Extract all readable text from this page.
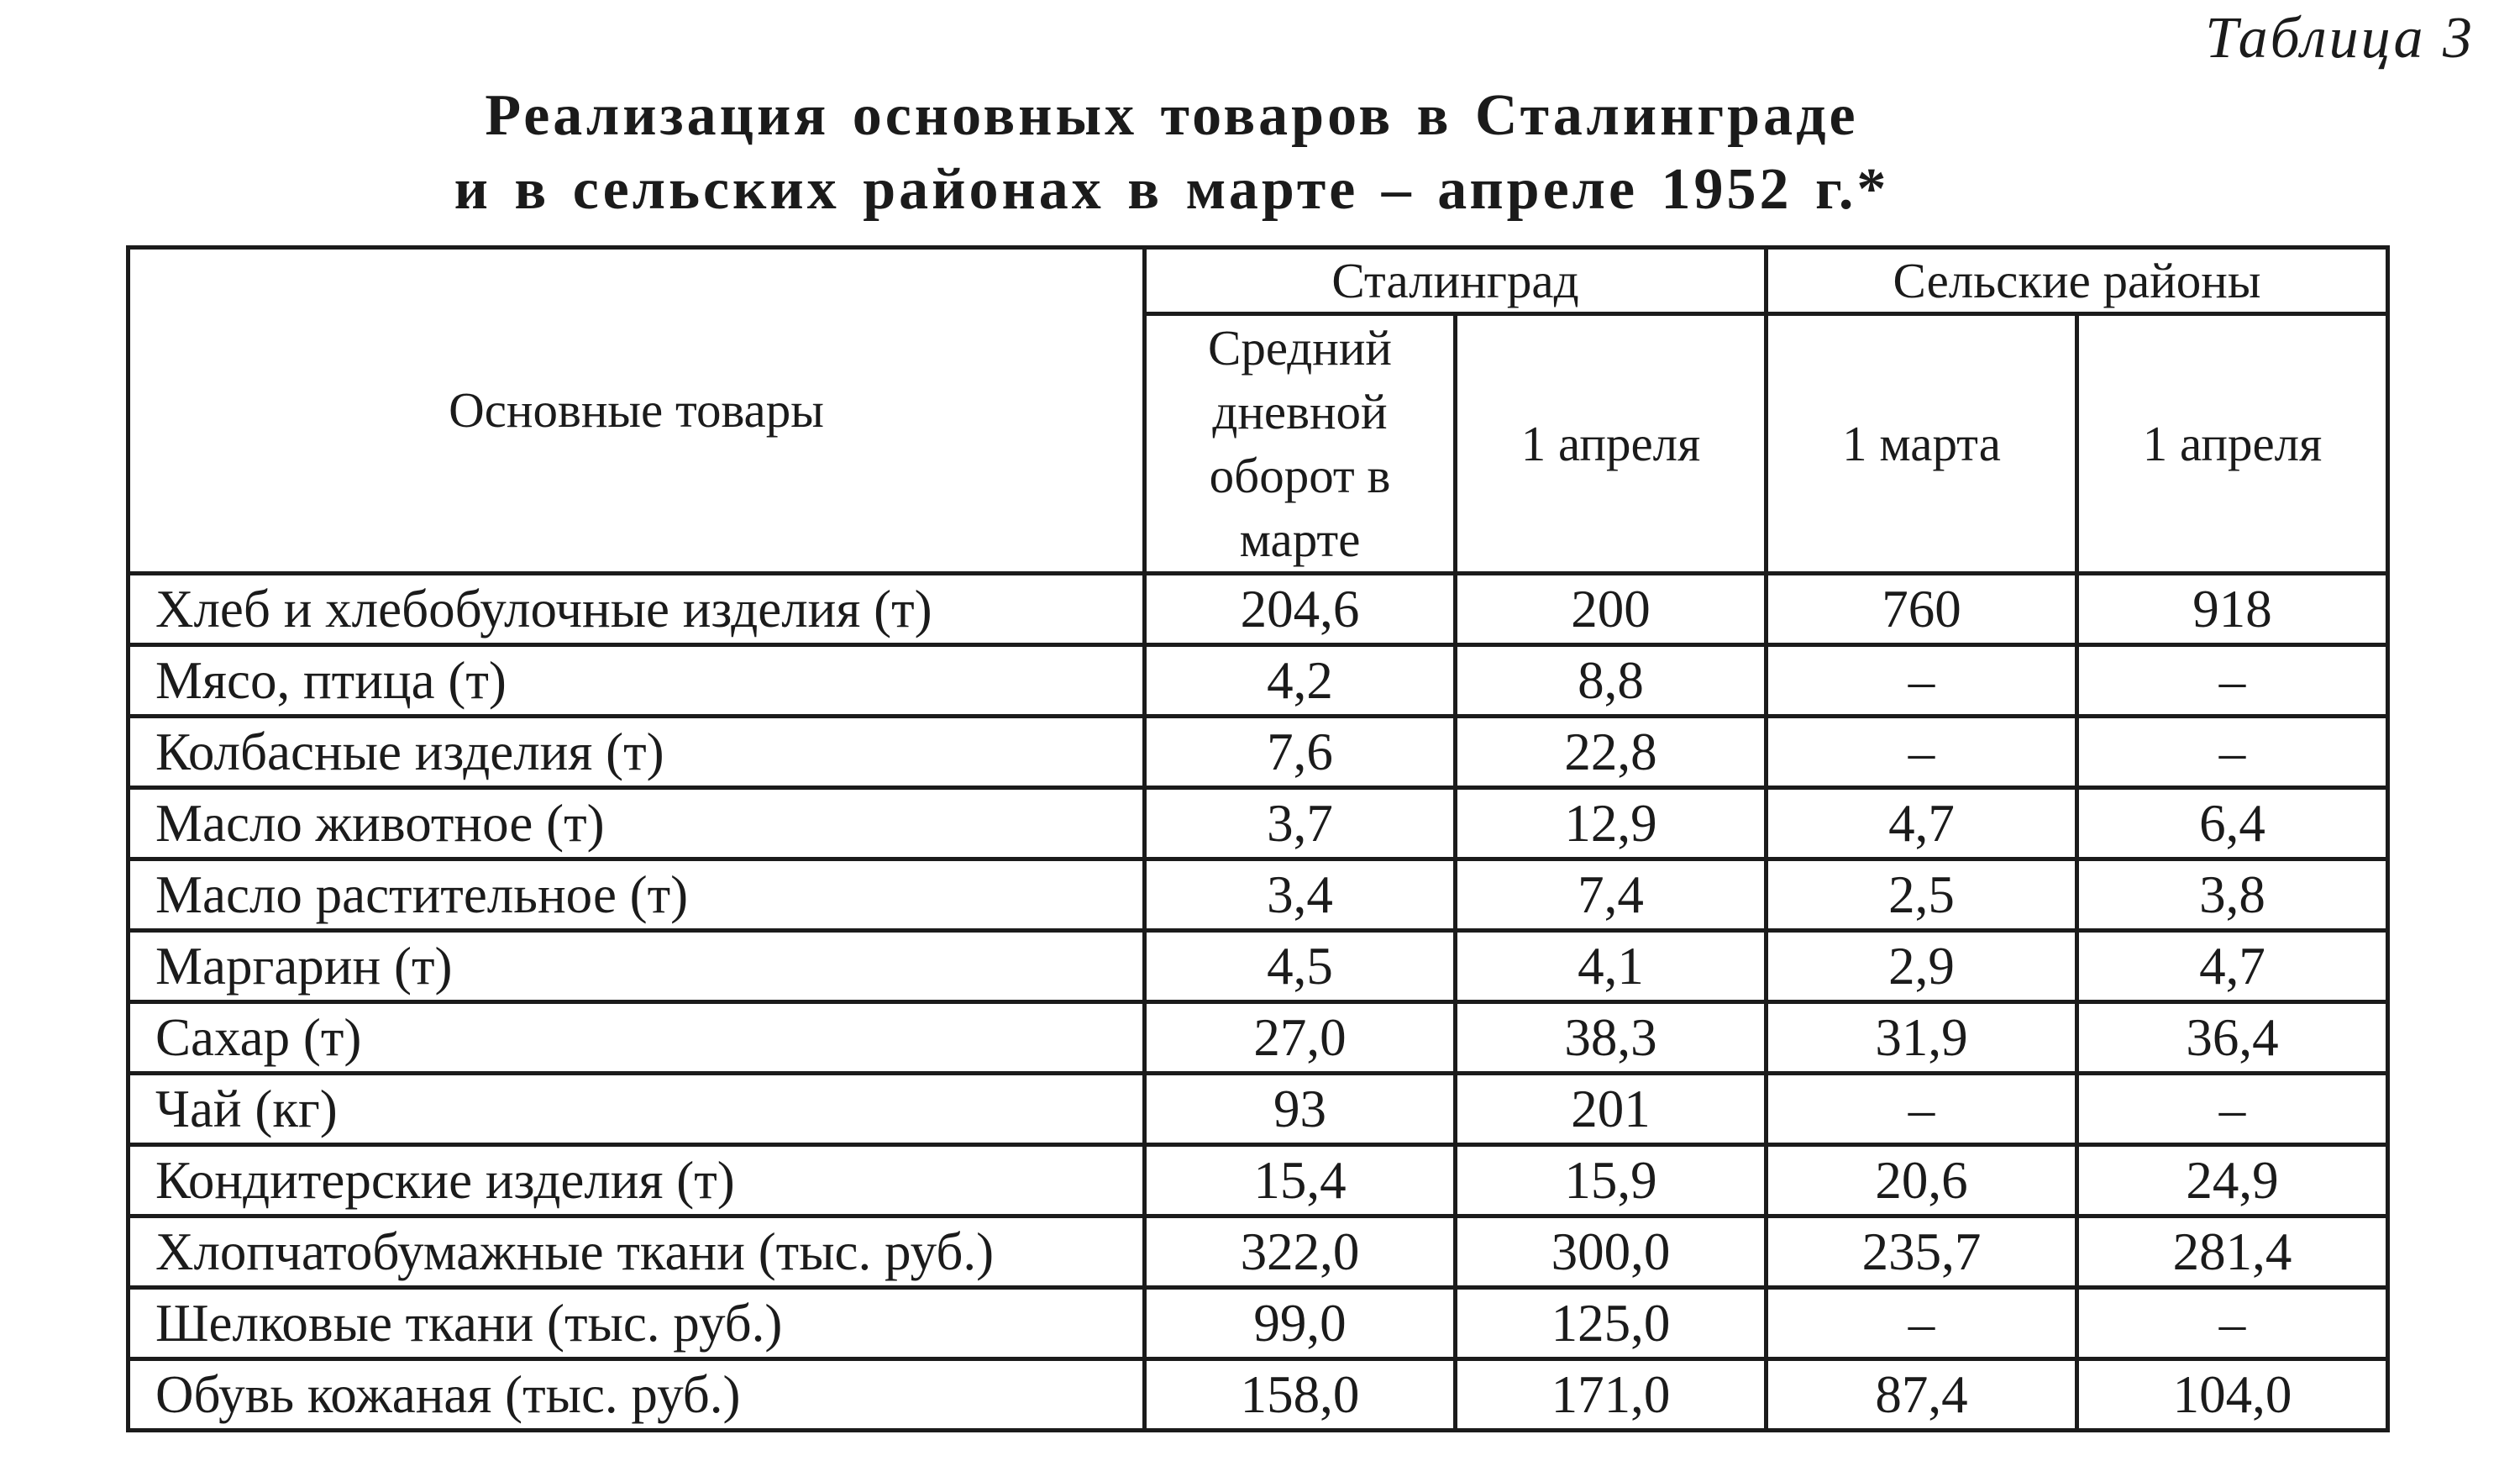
Таблица 3
Реализация основных товаров в Сталинграде
и в сельских районах в марте – апреле 1952 г.*
Основные товары	Сталинград		Сельские районы	
	Средний дневной оборот в марте	1 апреля	1 марта	1 апреля
Хлеб и хлебобулочные изделия (т)	204,6	200	760	918
Мясо, птица (т)	4,2	8,8	–	–
Колбасные изделия (т)	7,6	22,8	–	–
Масло животное (т)	3,7	12,9	4,7	6,4
Масло растительное (т)	3,4	7,4	2,5	3,8
Маргарин (т)	4,5	4,1	2,9	4,7
Сахар (т)	27,0	38,3	31,9	36,4
Чай (кг)	93	201	–	–
Кондитерские изделия (т)	15,4	15,9	20,6	24,9
Хлопчатобумажные ткани (тыс. руб.)	322,0	300,0	235,7	281,4
Шелковые ткани (тыс. руб.)	99,0	125,0	–	–
Обувь кожаная (тыс. руб.)	158,0	171,0	87,4	104,0
